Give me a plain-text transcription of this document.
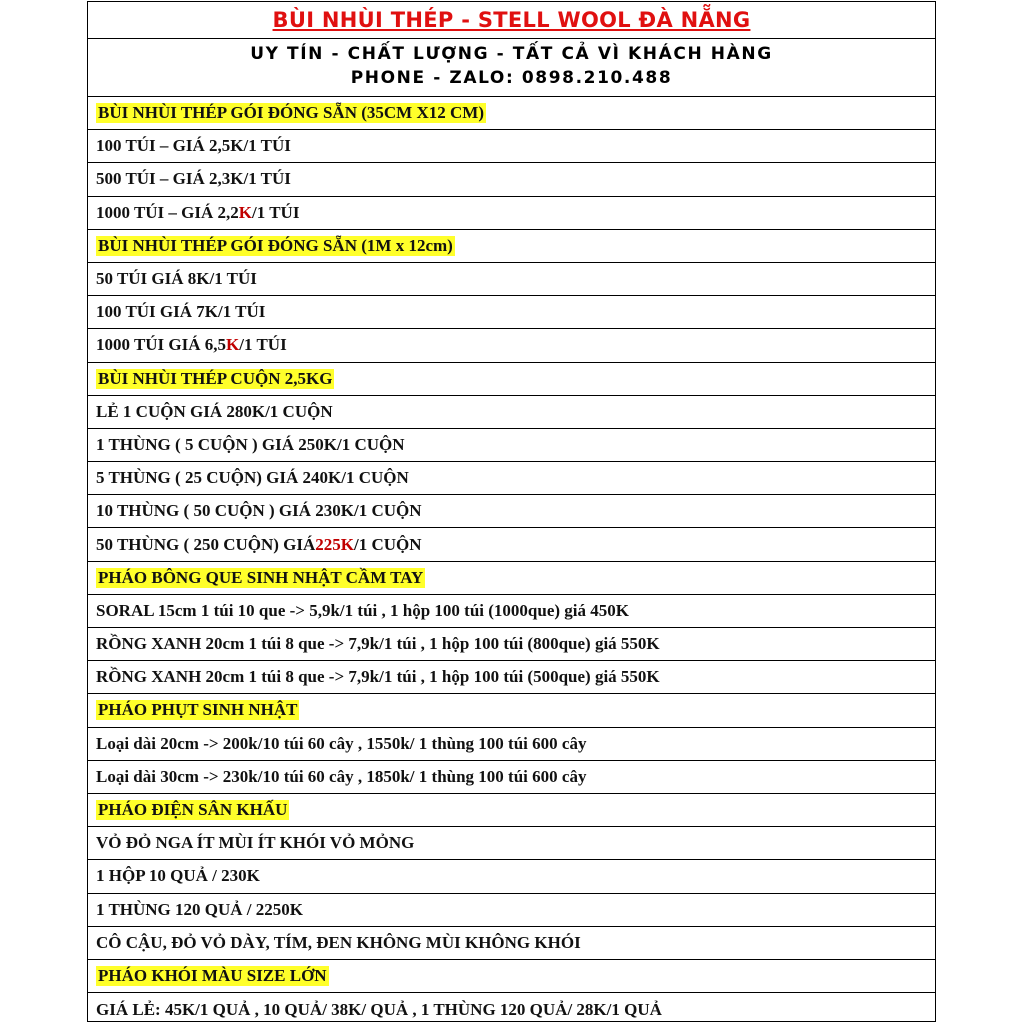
BÙI NHÙI THÉP - STELL WOOL ĐÀ NẴNG
UY TÍN - CHẤT LƯỢNG - TẤT CẢ VÌ KHÁCH HÀNG
PHONE - ZALO: 0898.210.488
BÙI NHÙI THÉP GÓI ĐÓNG SẴN (35CM X12 CM)
100 TÚI – GIÁ 2,5K/1 TÚI
500 TÚI – GIÁ 2,3K/1 TÚI
1000 TÚI – GIÁ 2,2 K /1 TÚI
BÙI NHÙI THÉP GÓI ĐÓNG SẴN (1M x 12cm)
50 TÚI GIÁ 8K/1 TÚI
100 TÚI GIÁ 7K/1 TÚI
1000 TÚI GIÁ 6,5 K /1 TÚI
BÙI NHÙI THÉP CUỘN 2,5KG
LẺ 1 CUỘN GIÁ 280K/1 CUỘN
1 THÙNG ( 5 CUỘN ) GIÁ 250K/1 CUỘN
5 THÙNG ( 25 CUỘN) GIÁ 240K/1 CUỘN
10 THÙNG ( 50 CUỘN ) GIÁ 230K/1 CUỘN
50 THÙNG ( 250 CUỘN) GIÁ 225K /1 CUỘN
PHÁO BÔNG QUE SINH NHẬT CẦM TAY
SORAL 15cm 1 túi 10 que -> 5,9k/1 túi , 1 hộp 100 túi (1000que) giá 450K
RỒNG XANH 20cm 1 túi 8 que -> 7,9k/1 túi , 1 hộp 100 túi (800que) giá 550K
RỒNG XANH 20cm 1 túi 8 que -> 7,9k/1 túi , 1 hộp 100 túi (500que) giá 550K
PHÁO PHỤT SINH NHẬT
Loại dài 20cm -> 200k/10 túi 60 cây , 1550k/ 1 thùng 100 túi 600 cây
Loại dài 30cm -> 230k/10 túi 60 cây , 1850k/ 1 thùng 100 túi 600 cây
PHÁO ĐIỆN SÂN KHẤU
VỎ ĐỎ NGA ÍT MÙI ÍT KHÓI VỎ MỎNG
1 HỘP 10 QUẢ / 230K
1 THÙNG 120 QUẢ / 2250K
CÔ CẬU, ĐỎ VỎ DÀY, TÍM, ĐEN KHÔNG MÙI KHÔNG KHÓI
PHÁO KHÓI MÀU SIZE LỚN
GIÁ LẺ: 45K/1 QUẢ , 10 QUẢ/ 38K/ QUẢ , 1 THÙNG 120 QUẢ/ 28K/1 QUẢ
